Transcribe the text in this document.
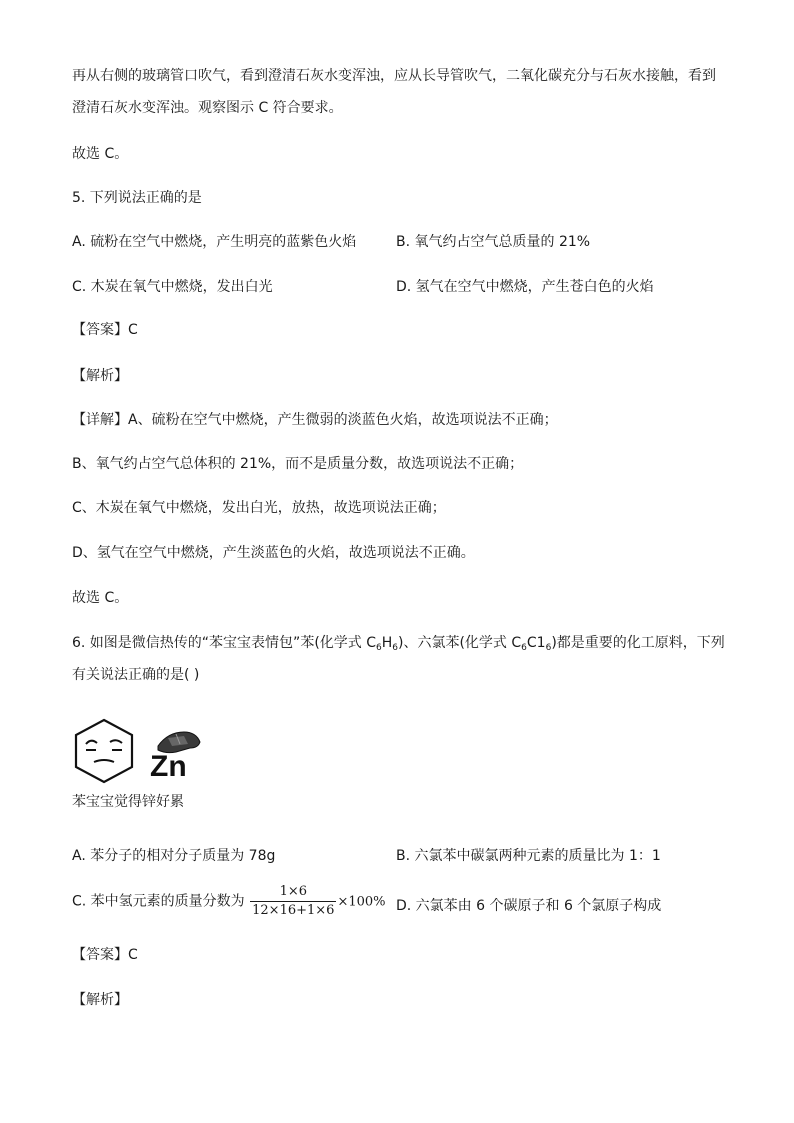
再从右侧的玻璃管口吹气，看到澄清石灰水变浑浊，应从长导管吹气，二氧化碳充分与石灰水接触，看到
澄清石灰水变浑浊。观察图示 C 符合要求。
故选 C。
5. 下列说法正确的是
A. 硫粉在空气中燃烧，产生明亮的蓝紫色火焰	B. 氧气约占空气总质量的 21%
C. 木炭在氧气中燃烧，发出白光	D. 氢气在空气中燃烧，产生苍白色的火焰
【答案】C
【解析】
【详解】A、硫粉在空气中燃烧，产生微弱的淡蓝色火焰，故选项说法不正确；
B、氧气约占空气总体积的 21%，而不是质量分数，故选项说法不正确；
C、木炭在氧气中燃烧，发出白光，放热，故选项说法正确；
D、氢气在空气中燃烧，产生淡蓝色的火焰，故选项说法不正确。
故选 C。
6. 如图是微信热传的“苯宝宝表情包”苯(化学式 $C_6H_6$)、六氯苯(化学式 $C_6C1_6$)都是重要的化工原料，下列
有关说法正确的是( )
Zn
苯宝宝觉得锌好累
A. 苯分子的相对分子质量为 78g	B. 六氯苯中碳氯两种元素的质量比为 1：1
C. 苯中氢元素的质量分数为 $\frac{1\times 6}{12\times 16+1\times 6} \times 100\%$ D. 六氯苯由 6 个碳原子和 6 个氯原子构成
【答案】C
【解析】
